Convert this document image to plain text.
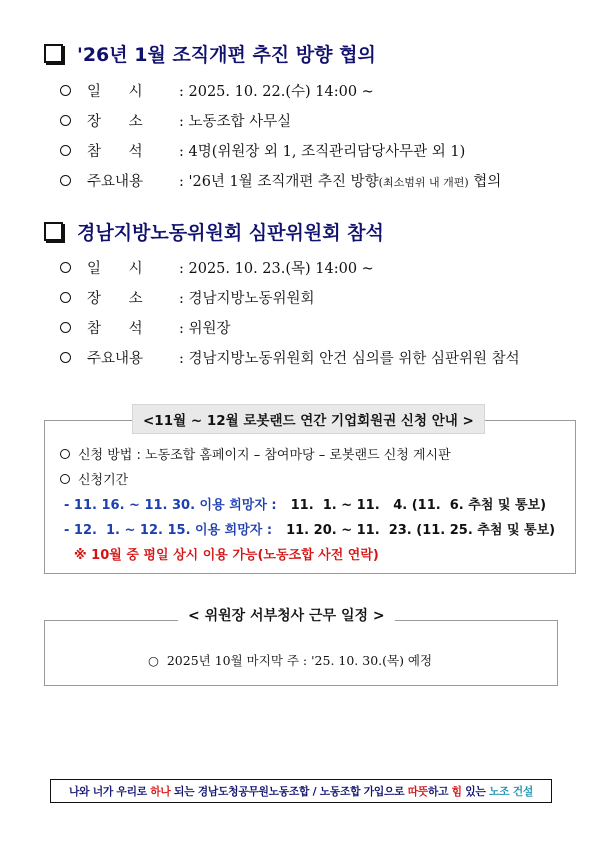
'26년 1월 조직개편 추진 방향 협의
일      시	: 2025. 10. 22.(수) 14:00 ~
장      소	: 노동조합 사무실
참      석	: 4명(위원장 외 1, 조직관리담당사무관 외 1)
주요내용	: '26년 1월 조직개편 추진 방향 (최소범위 내 개편) 협의
경남지방노동위원회 심판위원회 참석
일      시	: 2025. 10. 23.(목) 14:00 ~
장      소	: 경남지방노동위원회
참      석	: 위원장
주요내용	: 경남지방노동위원회 안건 심의를 위한 심판위원 참석
<11월 ~ 12월 로봇랜드 연간 기업회원권 신청 안내 >
신청 방법 : 노동조합 홈페이지 – 참여마당 – 로봇랜드 신청 게시판
신청기간
- 11. 16. ~ 11. 30. 이용 희망자 : 11.  1. ~ 11.   4. (11.  6. 추첨 및 통보)
- 12.  1. ~ 12. 15. 이용 희망자 : 11. 20. ~ 11.  23. (11. 25. 추첨 및 통보)
※ 10월 중 평일 상시 이용 가능(노동조합 사전 연락)
< 위원장 서부청사 근무 일정 >
○  2025년 10월 마지막 주 : '25. 10. 30.(목) 예정
나와 너가 우리로 하나 되는 경남도청공무원노동조합 / 노동조합 가입으로 따뜻 하고 힘 있는 노조 건설
